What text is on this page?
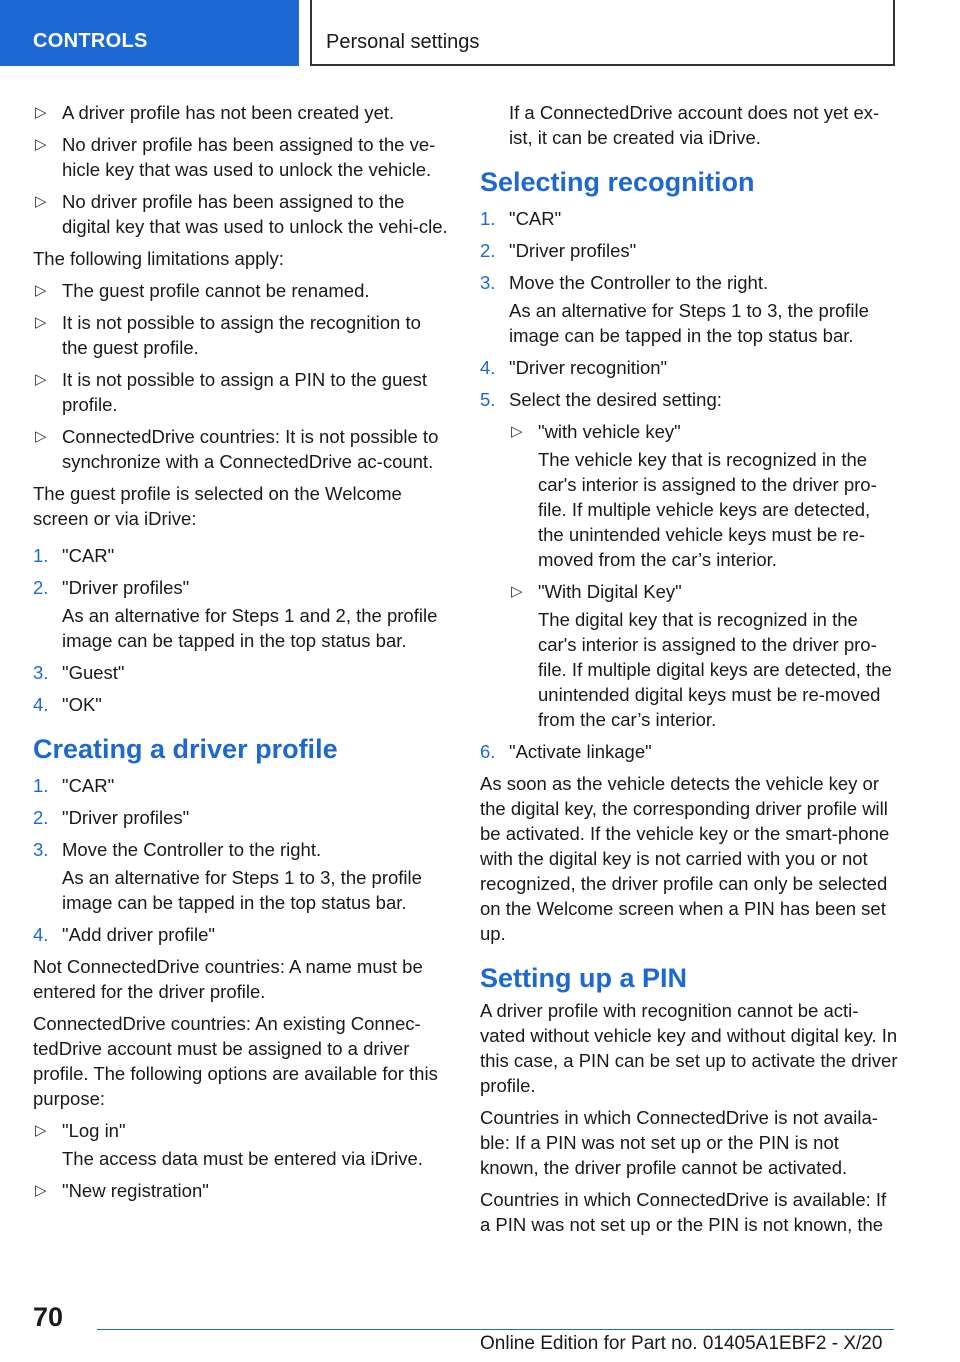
CONTROLS	Personal settings
▷ A driver profile has not been created yet.
▷ No driver profile has been assigned to the ve-hicle key that was used to unlock the vehicle.
▷ No driver profile has been assigned to the digital key that was used to unlock the vehi-cle.
The following limitations apply:
▷ The guest profile cannot be renamed.
▷ It is not possible to assign the recognition to the guest profile.
▷ It is not possible to assign a PIN to the guest profile.
▷ ConnectedDrive countries: It is not possible to synchronize with a ConnectedDrive ac-count.
The guest profile is selected on the Welcome screen or via iDrive:
1. "CAR"
2. "Driver profiles"
As an alternative for Steps 1 and 2, the profile image can be tapped in the top status bar.
3. "Guest"
4. "OK"
Creating a driver profile
1. "CAR"
2. "Driver profiles"
3. Move the Controller to the right.
As an alternative for Steps 1 to 3, the profile image can be tapped in the top status bar.
4. "Add driver profile"
Not ConnectedDrive countries: A name must be entered for the driver profile.
ConnectedDrive countries: An existing Connec-tedDrive account must be assigned to a driver profile. The following options are available for this purpose:
▷ "Log in"
The access data must be entered via iDrive.
▷ "New registration"
If a ConnectedDrive account does not yet ex-ist, it can be created via iDrive.
Selecting recognition
1. "CAR"
2. "Driver profiles"
3. Move the Controller to the right.
As an alternative for Steps 1 to 3, the profile image can be tapped in the top status bar.
4. "Driver recognition"
5. Select the desired setting:
▷ "with vehicle key"
The vehicle key that is recognized in the car's interior is assigned to the driver pro-file. If multiple vehicle keys are detected, the unintended vehicle keys must be re-moved from the car’s interior.
▷ "With Digital Key"
The digital key that is recognized in the car's interior is assigned to the driver pro-file. If multiple digital keys are detected, the unintended digital keys must be re-moved from the car’s interior.
6. "Activate linkage"
As soon as the vehicle detects the vehicle key or the digital key, the corresponding driver profile will be activated. If the vehicle key or the smart-phone with the digital key is not carried with you or not recognized, the driver profile can only be selected on the Welcome screen when a PIN has been set up.
Setting up a PIN
A driver profile with recognition cannot be acti-vated without vehicle key and without digital key. In this case, a PIN can be set up to activate the driver profile.
Countries in which ConnectedDrive is not availa-ble: If a PIN was not set up or the PIN is not known, the driver profile cannot be activated.
Countries in which ConnectedDrive is available: If a PIN was not set up or the PIN is not known, the
70
Online Edition for Part no. 01405A1EBF2 - X/20
